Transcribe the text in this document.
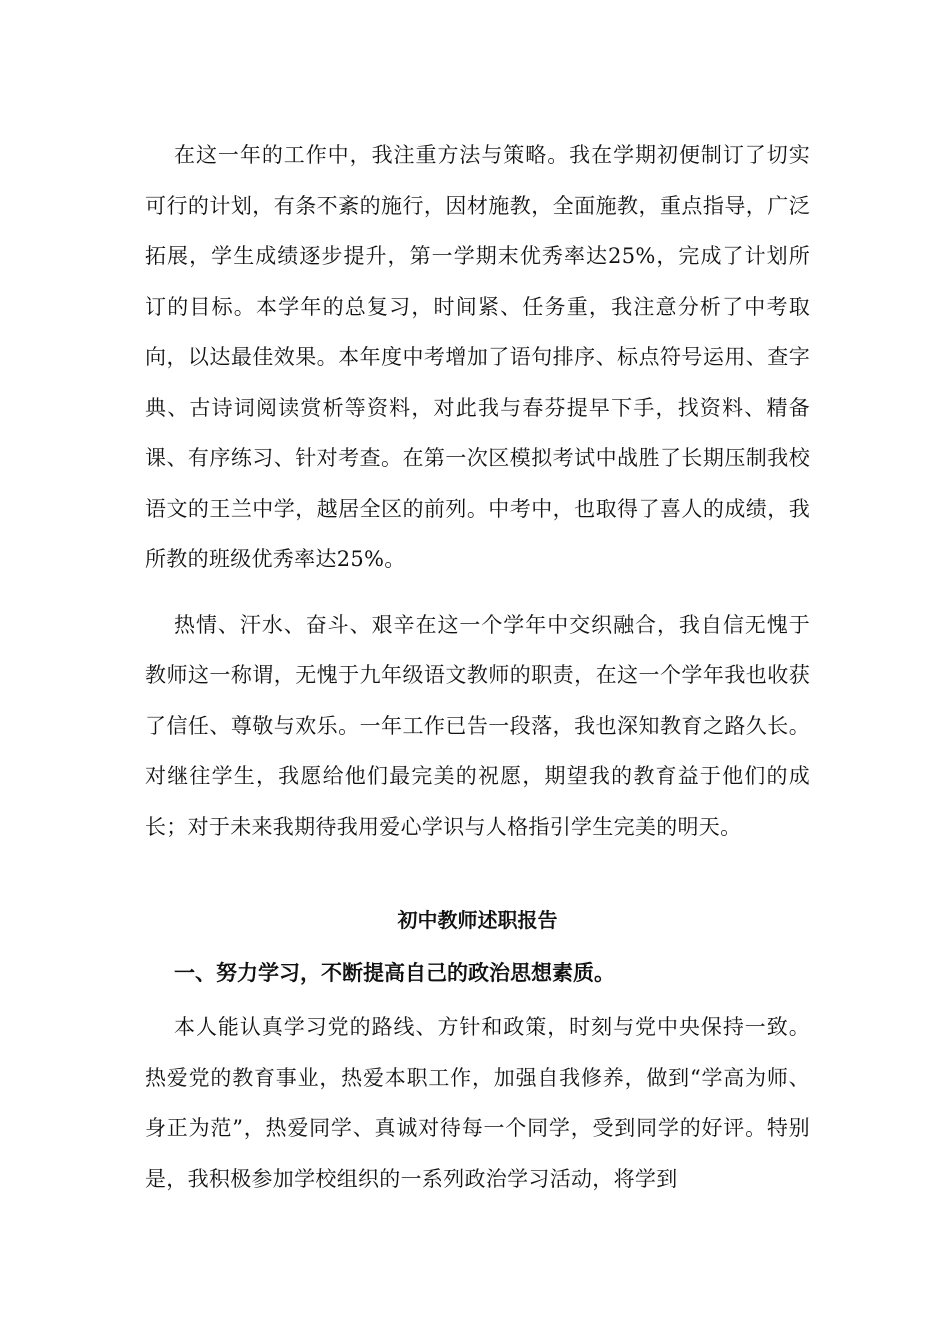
在这一年的工作中，我注重方法与策略。我在学期初便制订了切实可行的计划，有条不紊的施行，因材施教，全面施教，重点指导，广泛拓展，学生成绩逐步提升，第一学期末优秀率达25%，完成了计划所订的目标。本学年的总复习，时间紧、任务重，我注意分析了中考取向，以达最佳效果。本年度中考增加了语句排序、标点符号运用、查字典、古诗词阅读赏析等资料，对此我与春芬提早下手，找资料、精备课、有序练习、针对考查。在第一次区模拟考试中战胜了长期压制我校语文的王兰中学，越居全区的前列。中考中，也取得了喜人的成绩，我所教的班级优秀率达25%。

热情、汗水、奋斗、艰辛在这一个学年中交织融合，我自信无愧于教师这一称谓，无愧于九年级语文教师的职责，在这一个学年我也收获了信任、尊敬与欢乐。一年工作已告一段落，我也深知教育之路久长。对继往学生，我愿给他们最完美的祝愿，期望我的教育益于他们的成长；对于未来我期待我用爱心学识与人格指引学生完美的明天。

初中教师述职报告
一、努力学习，不断提高自己的政治思想素质。

本人能认真学习党的路线、方针和政策，时刻与党中央保持一致。热爱党的教育事业，热爱本职工作，加强自我修养，做到“学高为师、身正为范”，热爱同学、真诚对待每一个同学，受到同学的好评。特别是，我积极参加学校组织的一系列政治学习活动，将学到
